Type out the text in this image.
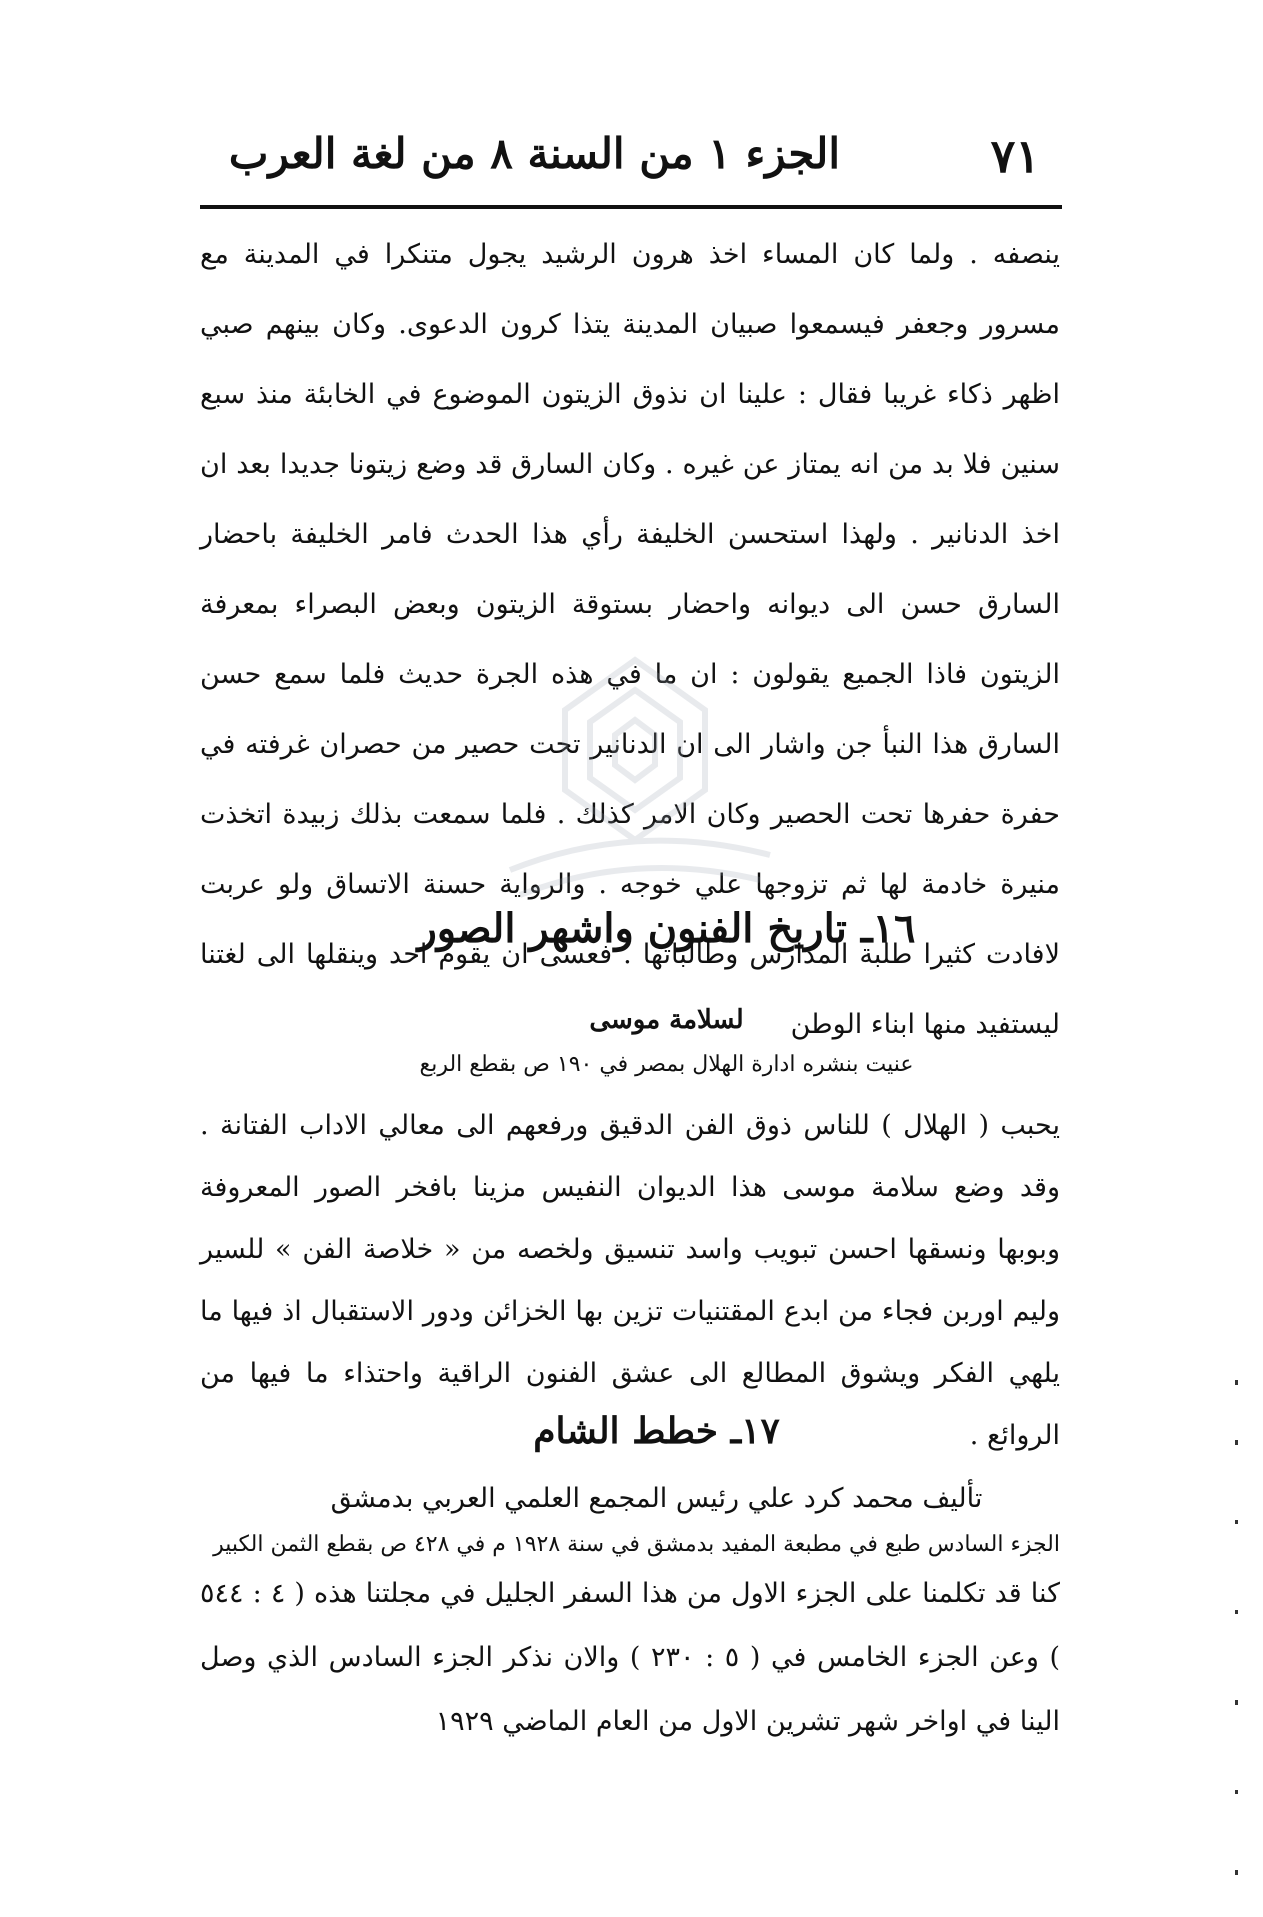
٧١
الجزء ١ من السنة ٨ من لغة العرب

ينصفه . ولما كان المساء اخذ هرون الرشيد يجول متنكرا في المدينة مع مسرور وجعفر فيسمعوا صبيان المدينة يتذا كرون الدعوى. وكان بينهم صبي اظهر ذكاء غريبا فقال : علينا ان نذوق الزيتون الموضوع في الخابئة منذ سبع سنين فلا بد من انه يمتاز عن غيره . وكان السارق قد وضع زيتونا جديدا بعد ان اخذ الدنانير . ولهذا استحسن الخليفة رأي هذا الحدث فامر الخليفة باحضار السارق حسن الى ديوانه واحضار بستوقة الزيتون وبعض البصراء بمعرفة الزيتون فاذا الجميع يقولون : ان ما في هذه الجرة حديث فلما سمع حسن السارق هذا النبأ جن واشار الى ان الدنانير تحت حصير من حصران غرفته في حفرة حفرها تحت الحصير وكان الامر كذلك . فلما سمعت بذلك زبيدة اتخذت منيرة خادمة لها ثم تزوجها علي خوجه . والرواية حسنة الاتساق ولو عربت لافادت كثيرا طلبة المدارس وطالباتها . فعسى ان يقوم احد وينقلها الى لغتنا ليستفيد منها ابناء الوطن

١٦ـ تاريخ الفنون واشهر الصور
لسلامة موسى
عنيت بنشره ادارة الهلال بمصر في ١٩٠ ص بقطع الربع

يحبب ( الهلال ) للناس ذوق الفن الدقيق ورفعهم الى معالي الاداب الفتانة . وقد وضع سلامة موسى هذا الديوان النفيس مزينا بافخر الصور المعروفة وبوبها ونسقها احسن تبويب واسد تنسيق ولخصه من « خلاصة الفن » للسير وليم اوربن فجاء من ابدع المقتنيات تزين بها الخزائن ودور الاستقبال اذ فيها ما يلهي الفكر ويشوق المطالع الى عشق الفنون الراقية واحتذاء ما فيها من الروائع .

١٧ـ خطط الشام
تأليف محمد كرد علي رئيس المجمع العلمي العربي بدمشق
الجزء السادس طبع في مطبعة المفيد بدمشق في سنة ١٩٢٨ م في ٤٢٨ ص بقطع الثمن الكبير

كنا قد تكلمنا على الجزء الاول من هذا السفر الجليل في مجلتنا هذه ( ٤ : ٥٤٤ ) وعن الجزء الخامس في ( ٥ : ٢٣٠ ) والان نذكر الجزء السادس الذي وصل الينا في اواخر شهر تشرين الاول من العام الماضي ١٩٢٩
